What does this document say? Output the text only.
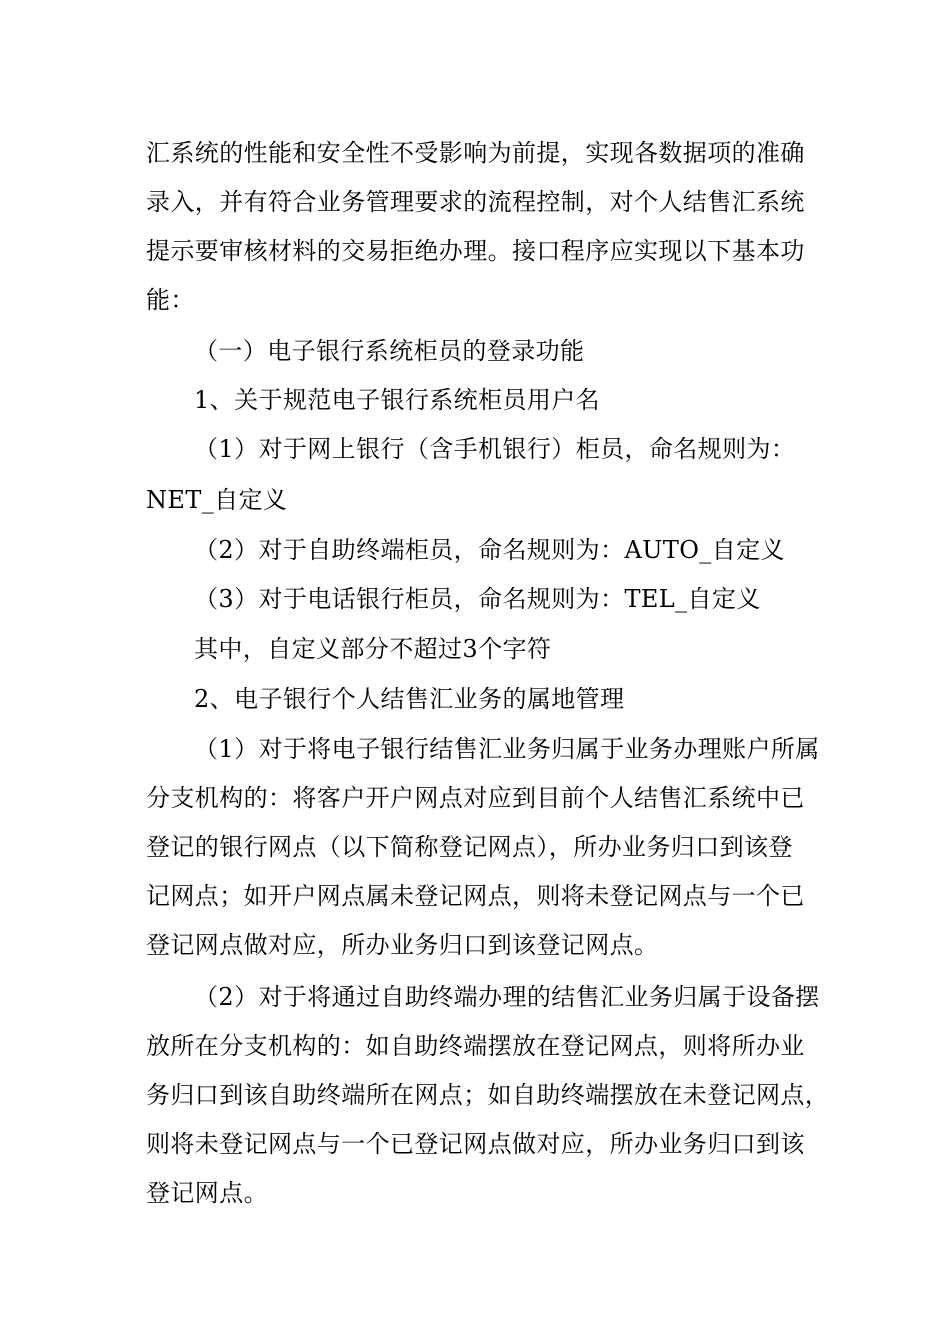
汇系统的性能和安全性不受影响为前提，实现各数据项的准确
录入，并有符合业务管理要求的流程控制，对个人结售汇系统
提示要审核材料的交易拒绝办理。接口程序应实现以下基本功
能：
（一）电子银行系统柜员的登录功能
1、关于规范电子银行系统柜员用户名
（1）对于网上银行（含手机银行）柜员，命名规则为：
NET_自定义
（2）对于自助终端柜员，命名规则为：AUTO_自定义
（3）对于电话银行柜员，命名规则为：TEL_自定义
其中，自定义部分不超过3个字符
2、电子银行个人结售汇业务的属地管理
（1）对于将电子银行结售汇业务归属于业务办理账户所属
分支机构的：将客户开户网点对应到目前个人结售汇系统中已
登记的银行网点（以下简称登记网点），所办业务归口到该登
记网点；如开户网点属未登记网点，则将未登记网点与一个已
登记网点做对应，所办业务归口到该登记网点。
（2）对于将通过自助终端办理的结售汇业务归属于设备摆
放所在分支机构的：如自助终端摆放在登记网点，则将所办业
务归口到该自助终端所在网点；如自助终端摆放在未登记网点，
则将未登记网点与一个已登记网点做对应，所办业务归口到该
登记网点。
